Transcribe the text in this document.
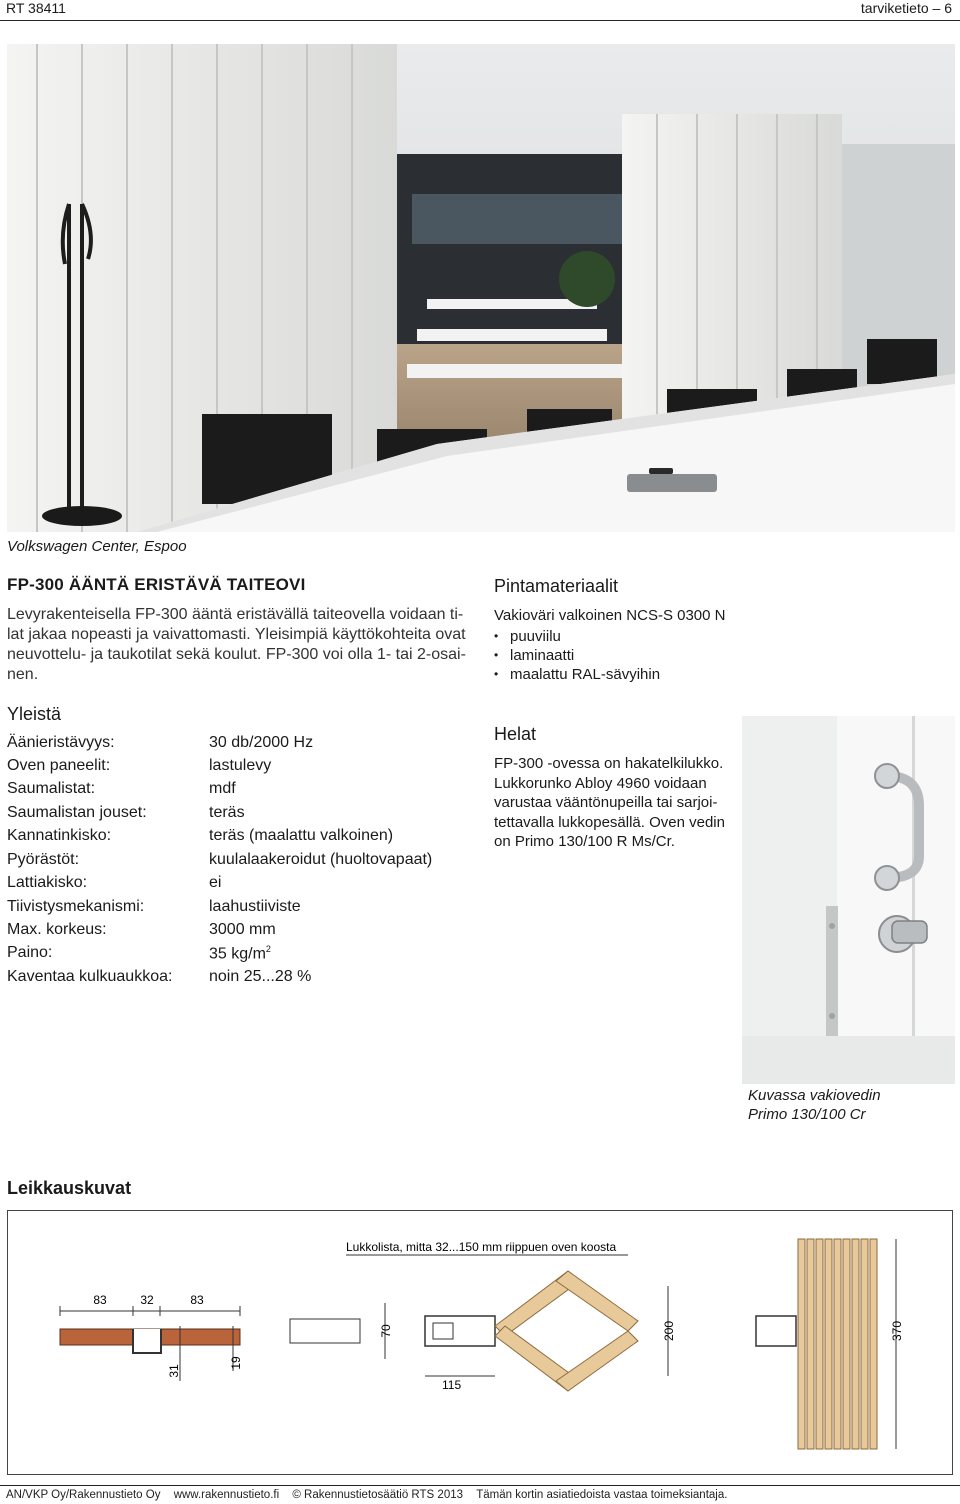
RT 38411	tarviketieto – 6
Volkswagen Center, Espoo
FP-300 ÄÄNTÄ ERISTÄVÄ TAITEOVI
Levyrakenteisella FP-300 ääntä eristävällä taiteovella voidaan ti-
lat jakaa nopeasti ja vaivattomasti. Yleisimpiä käyttökohteita ovat
neuvottelu- ja taukotilat sekä koulut. FP-300 voi olla 1- tai 2-osai-
nen.
Yleistä
Äänieristävyys:	30 db/2000 Hz
Oven paneelit:	lastulevy
Saumalistat:	mdf
Saumalistan jouset:	teräs
Kannatinkisko:	teräs (maalattu valkoinen)
Pyörästöt:	kuulalaakeroidut (huoltovapaat)
Lattiakisko:	ei
Tiivistysmekanismi:	laahustiiviste
Max. korkeus:	3000 mm
Paino:	35 $kg/m^2$
Kaventaa kulkuaukkoa: noin 25...28 %
Pintamateriaalit
Vakioväri valkoinen NCS-S 0300 N
• puuviilu
• laminaatti
• maalattu RAL-sävyihin
Helat
FP-300 -ovessa on hakatelkilukko.
Lukkorunko Abloy 4960 voidaan
varustaa vääntönupeilla tai sarjoi-
tettavalla lukkopesällä. Oven vedin
on Primo 130/100 R Ms/Cr.
Kuvassa vakiovedin
Primo 130/100 Cr
Leikkauskuvat
83	32	83
31
19
Lukkolista, mitta 32...150 mm riippuen oven koosta
70
115
200	370
AN/VKP Oy/Rakennustieto Oy www.rakennustieto.fi © Rakennustietosäätiö RTS 2013 Tämän kortin asiatiedoista vastaa toimeksiantaja.
